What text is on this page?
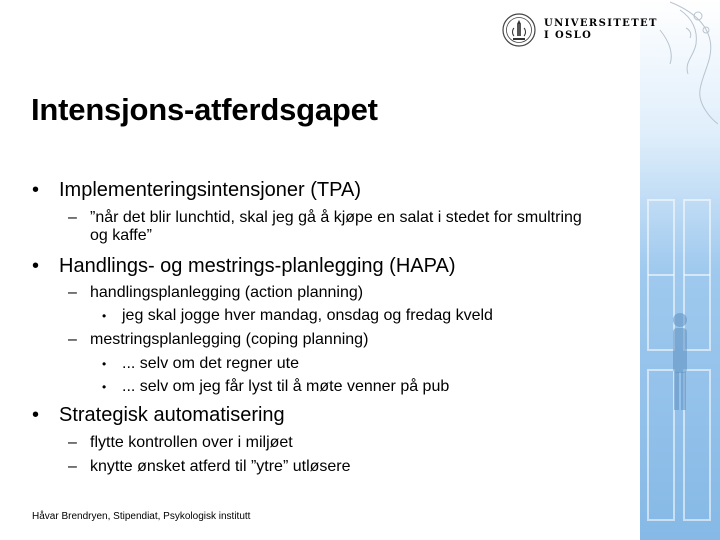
UNIVERSITETET
I OSLO
Intensjons-atferdsgapet
• Implementeringsintensjoner (TPA)
– ”når det blir lunchtid, skal jeg gå å kjøpe en salat i stedet for smultring og kaffe”
• Handlings- og mestrings-planlegging (HAPA)
– handlingsplanlegging (action planning)
• jeg skal jogge hver mandag, onsdag og fredag kveld
– mestringsplanlegging (coping planning)
• ... selv om det regner ute
• ... selv om jeg får lyst til å møte venner på pub
• Strategisk automatisering
– flytte kontrollen over i miljøet
– knytte ønsket atferd til ”ytre” utløsere
Håvar Brendryen, Stipendiat, Psykologisk institutt
